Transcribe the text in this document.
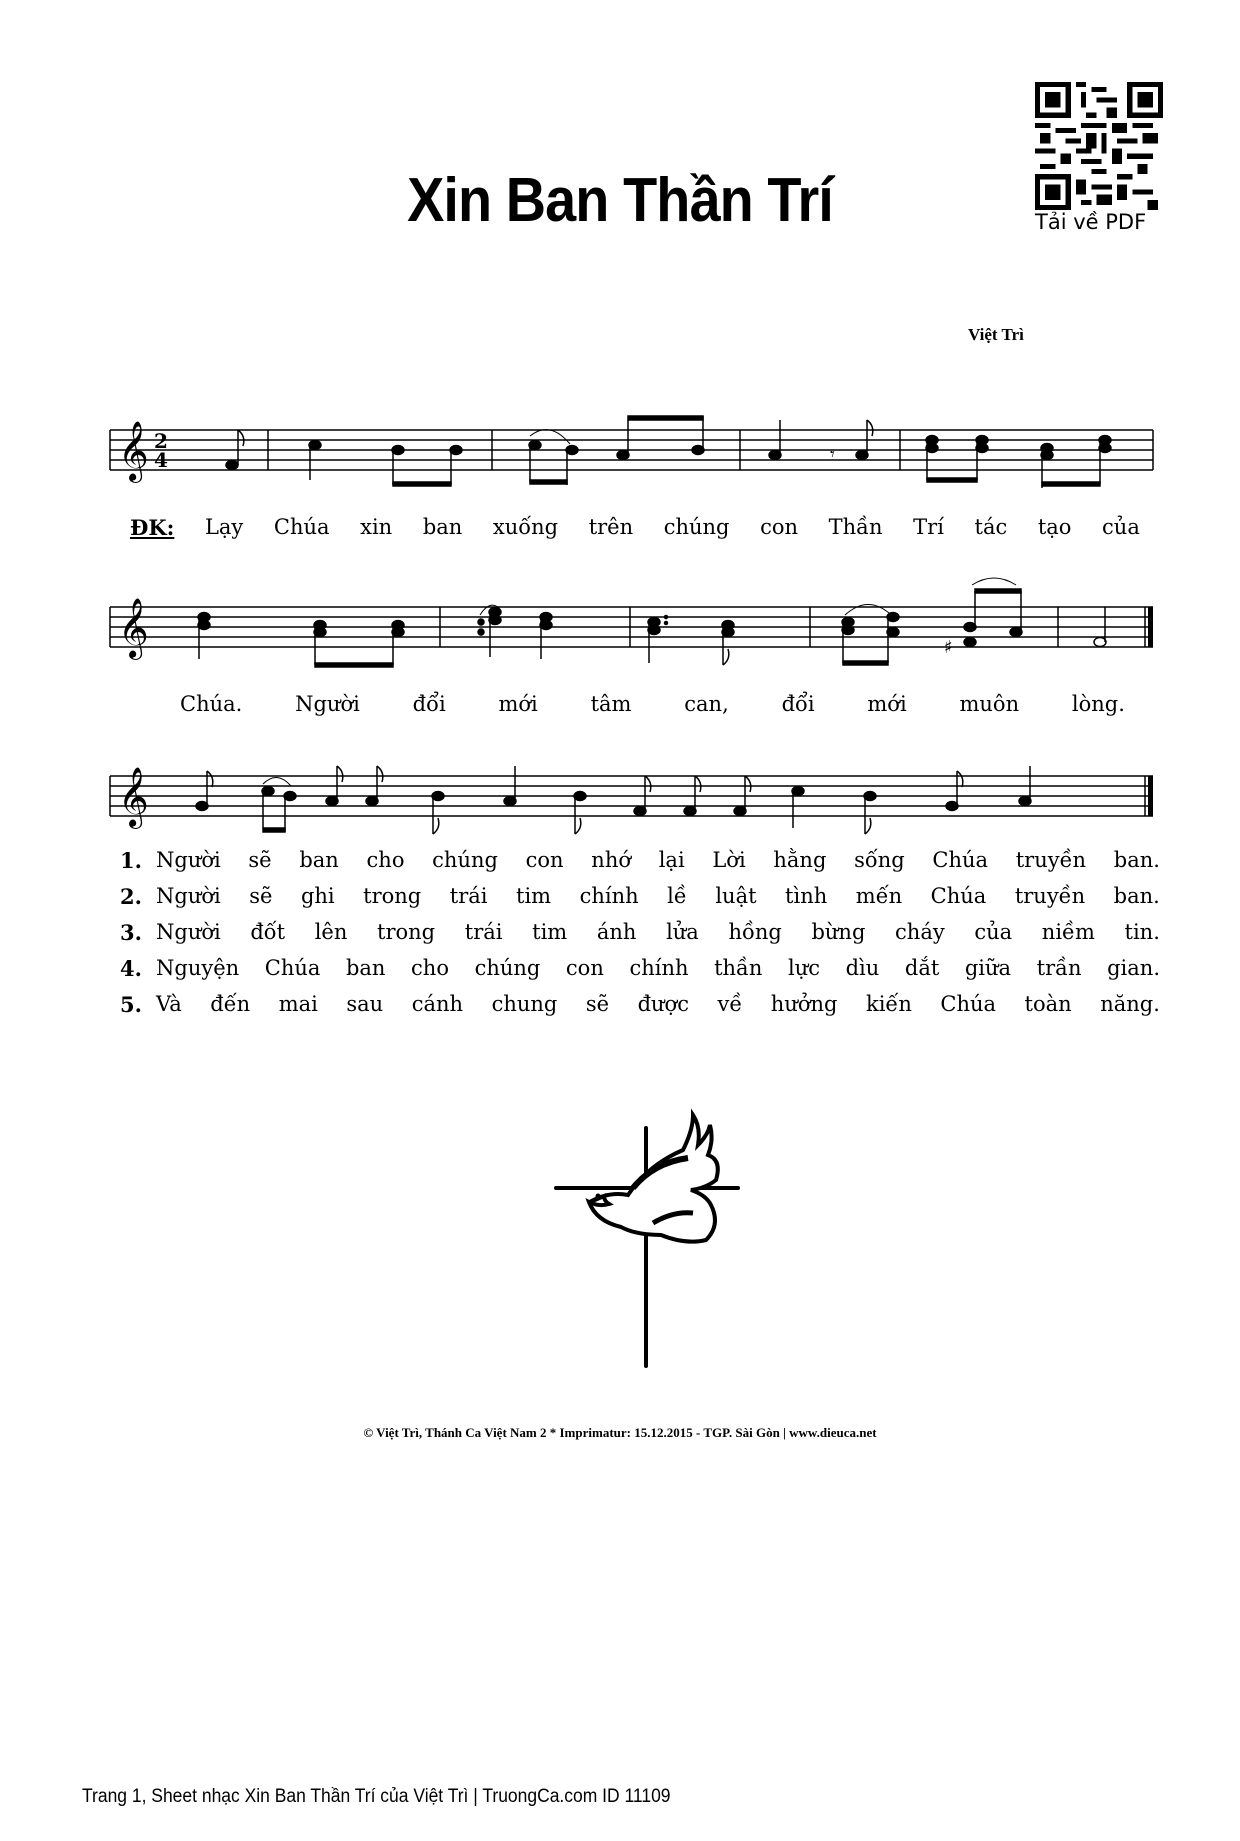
Xin Ban Thần Trí	Tải về PDF
Việt Trì
𝄞 2
4	𝄾
ĐK: Lạy Chúa xin ban xuống trên chúng con Thần Trí tác tạo của
𝄞	♯
Chúa.	Người	đổi	mới	tâm	can,	đổi	mới	muôn	lòng.
𝄞
1. Người sẽ ban cho chúng con nhớ lại Lời hằng sống Chúa truyền ban.
2. Người sẽ ghi trong trái tim chính lề luật tình mến Chúa truyền ban.
3. Người đốt lên trong trái tim ánh lửa hồng bừng cháy của niềm tin.
4. Nguyện Chúa ban cho chúng con chính thần lực dìu dắt giữa trần gian.
5. Và đến mai sau cánh chung sẽ được về hưởng kiến Chúa toàn năng.
© Việt Trì, Thánh Ca Việt Nam 2 * Imprimatur: 15.12.2015 - TGP. Sài Gòn | www.dieuca.net
Trang 1, Sheet nhạc Xin Ban Thần Trí của Việt Trì | TruongCa.com ID 11109
